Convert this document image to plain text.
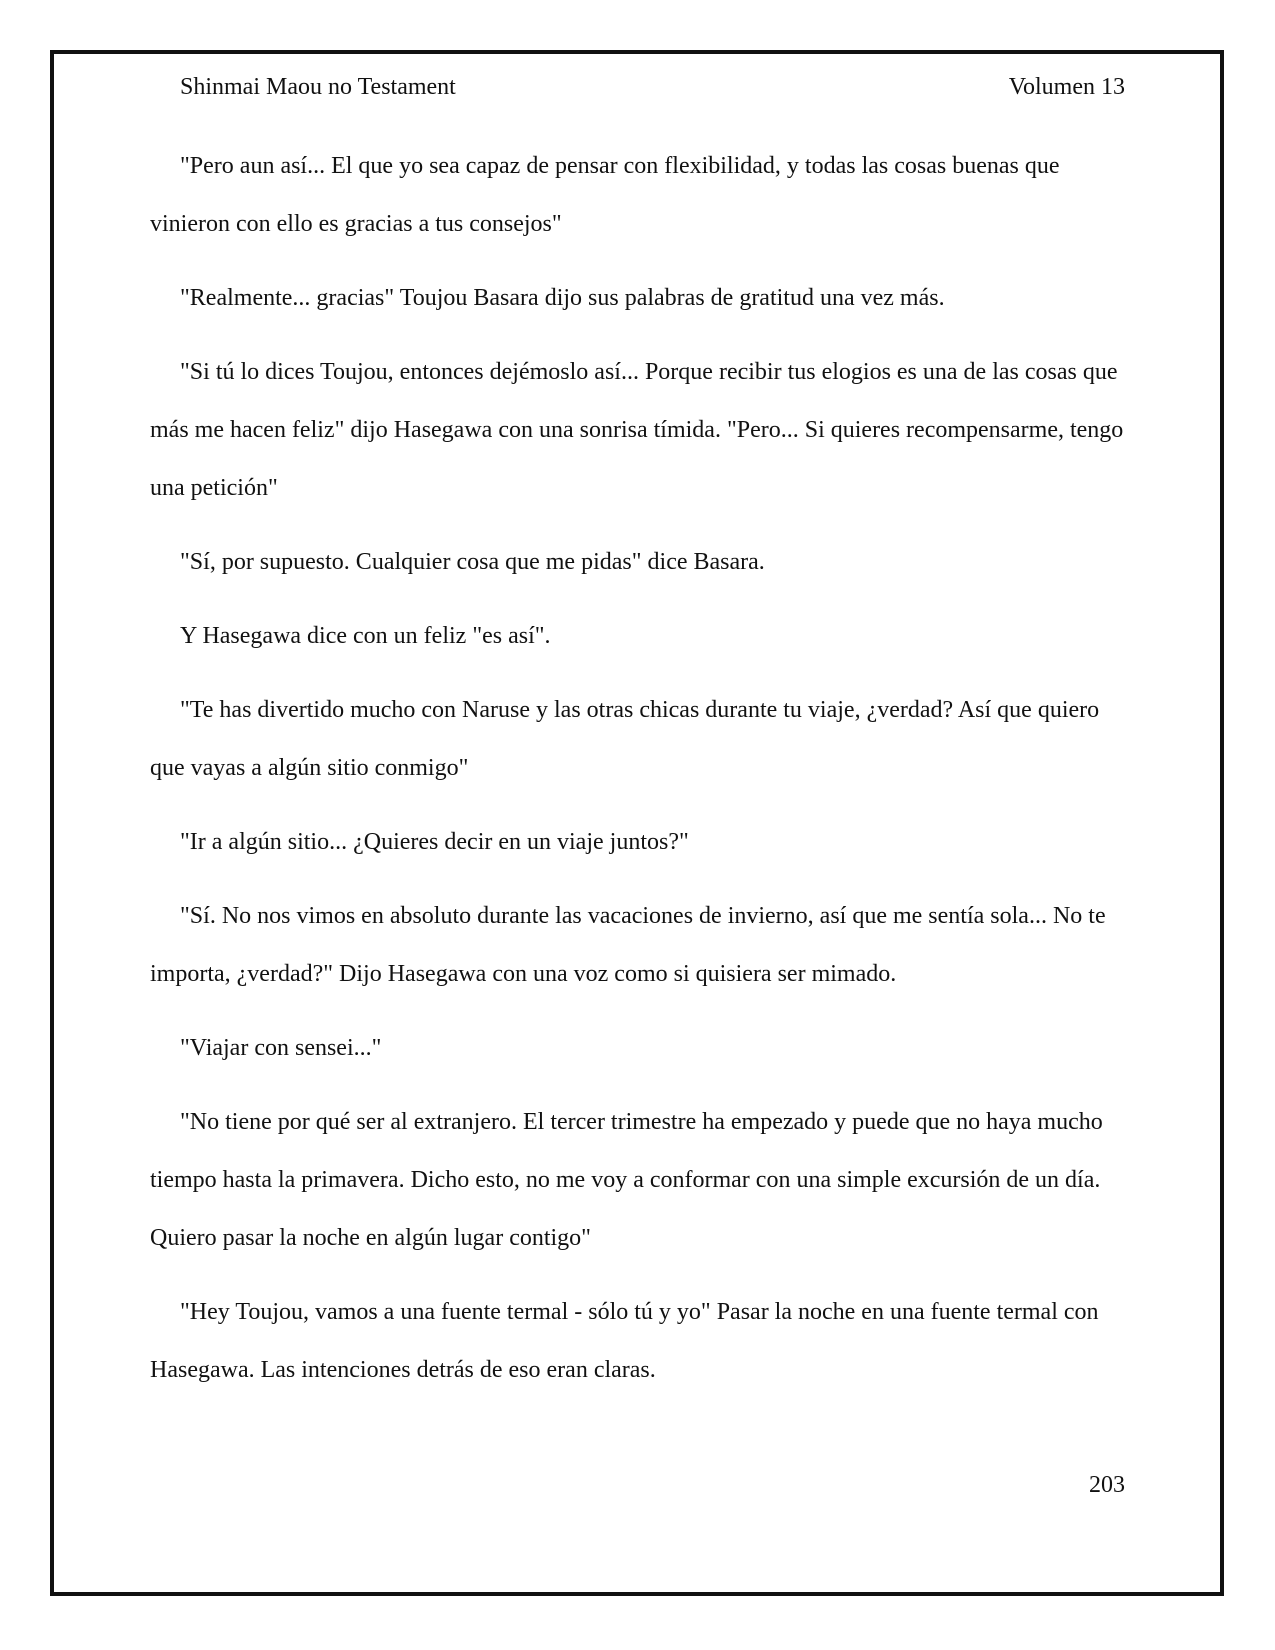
Shinmai Maou no Testament	Volumen 13

"Pero aun así... El que yo sea capaz de pensar con flexibilidad, y todas las cosas buenas que vinieron con ello es gracias a tus consejos"

"Realmente... gracias" Toujou Basara dijo sus palabras de gratitud una vez más.

"Si tú lo dices Toujou, entonces dejémoslo así... Porque recibir tus elogios es una de las cosas que más me hacen feliz" dijo Hasegawa con una sonrisa tímida. "Pero... Si quieres recompensarme, tengo una petición"

"Sí, por supuesto. Cualquier cosa que me pidas" dice Basara.

Y Hasegawa dice con un feliz "es así".

"Te has divertido mucho con Naruse y las otras chicas durante tu viaje, ¿verdad? Así que quiero que vayas a algún sitio conmigo"

"Ir a algún sitio... ¿Quieres decir en un viaje juntos?"

"Sí. No nos vimos en absoluto durante las vacaciones de invierno, así que me sentía sola... No te importa, ¿verdad?" Dijo Hasegawa con una voz como si quisiera ser mimado.

"Viajar con sensei..."

"No tiene por qué ser al extranjero. El tercer trimestre ha empezado y puede que no haya mucho tiempo hasta la primavera. Dicho esto, no me voy a conformar con una simple excursión de un día. Quiero pasar la noche en algún lugar contigo"

"Hey Toujou, vamos a una fuente termal - sólo tú y yo" Pasar la noche en una fuente termal con Hasegawa. Las intenciones detrás de eso eran claras.

203
